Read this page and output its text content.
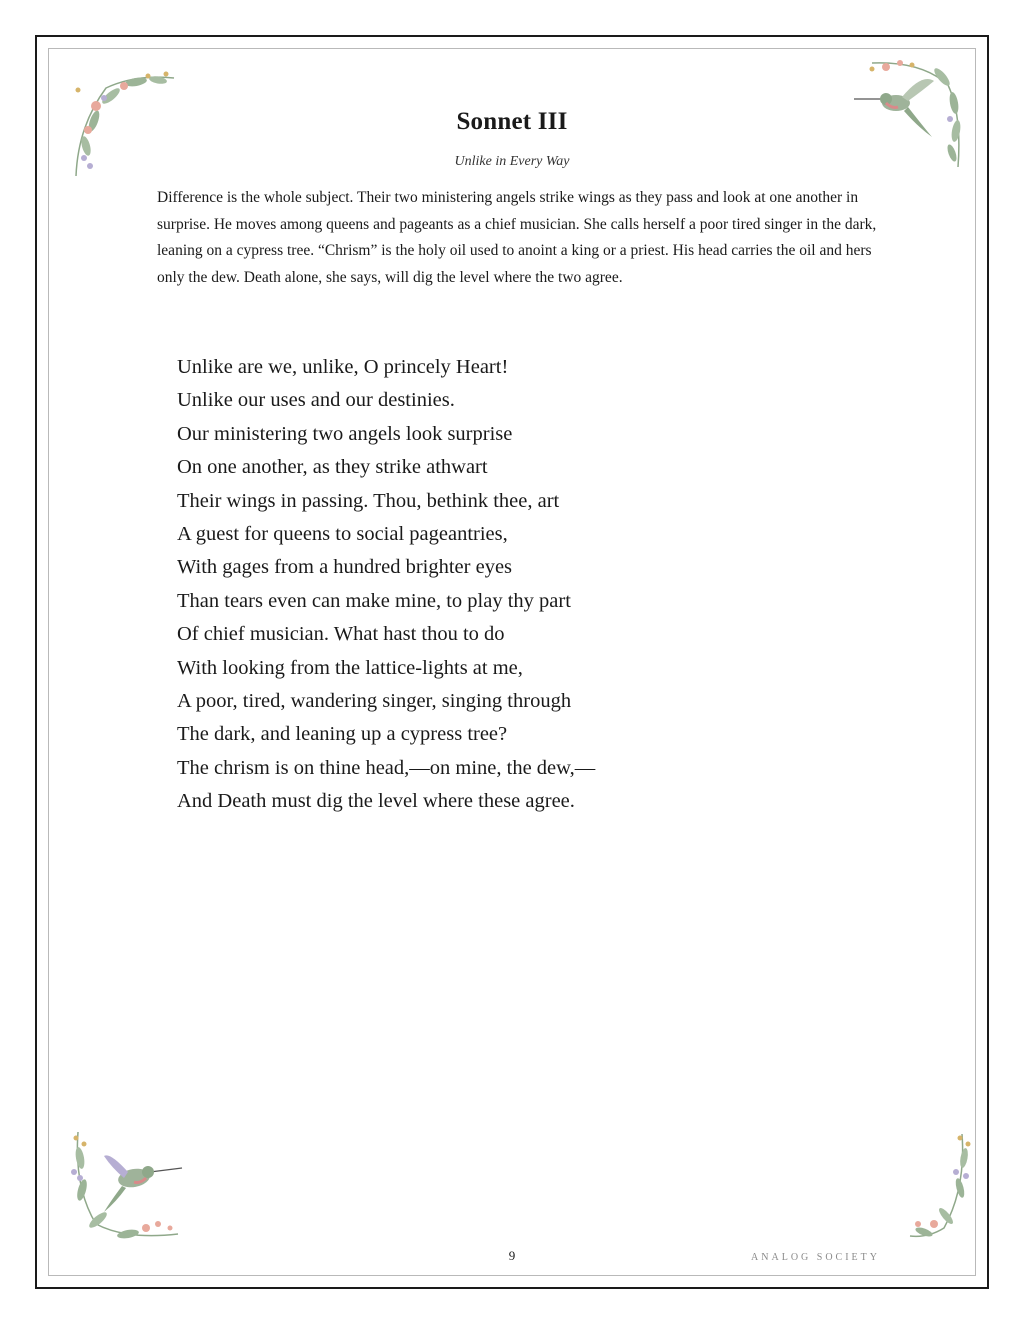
Sonnet III
Unlike in Every Way
Difference is the whole subject. Their two ministering angels strike wings as they pass and look at one another in surprise. He moves among queens and pageants as a chief musician. She calls herself a poor tired singer in the dark, leaning on a cypress tree. “Chrism” is the holy oil used to anoint a king or a priest. His head carries the oil and hers only the dew. Death alone, she says, will dig the level where the two agree.
Unlike are we, unlike, O princely Heart!
Unlike our uses and our destinies.
Our ministering two angels look surprise
On one another, as they strike athwart
Their wings in passing. Thou, bethink thee, art
A guest for queens to social pageantries,
With gages from a hundred brighter eyes
Than tears even can make mine, to play thy part
Of chief musician. What hast thou to do
With looking from the lattice-lights at me,
A poor, tired, wandering singer, singing through
The dark, and leaning up a cypress tree?
The chrism is on thine head,—on mine, the dew,—
And Death must dig the level where these agree.
9	ANALOG SOCIETY
